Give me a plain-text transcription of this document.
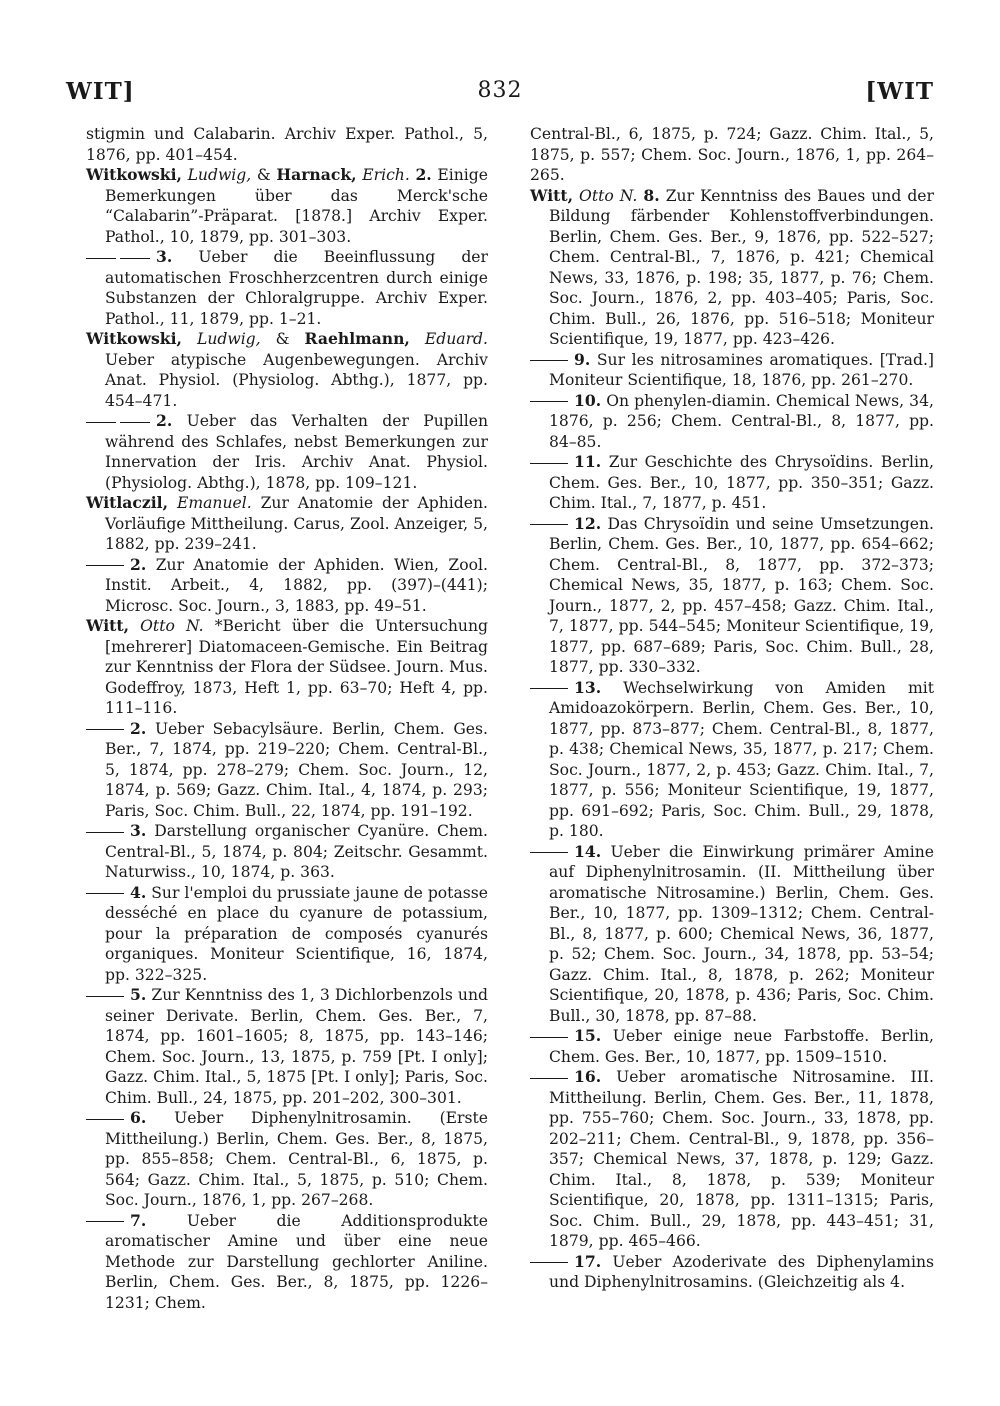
WIT]	832	[WIT
stigmin und Calabarin. Archiv Exper. Pathol., 5, 1876, pp. 401–454.
Witkowski, Ludwig, & Harnack, Erich. 2. Einige Bemerkungen über das Merck'sche “Calabarin”-Präparat. [1878.] Archiv Exper. Pathol., 10, 1879, pp. 301–303.
3. Ueber die Beeinflussung der automatischen Froschherzcentren durch einige Substanzen der Chloralgruppe. Archiv Exper. Pathol., 11, 1879, pp. 1–21.
Witkowski, Ludwig, & Raehlmann, Eduard. Ueber atypische Augenbewegungen. Archiv Anat. Physiol. (Physiolog. Abthg.), 1877, pp. 454–471.
2. Ueber das Verhalten der Pupillen während des Schlafes, nebst Bemerkungen zur Innervation der Iris. Archiv Anat. Physiol. (Physiolog. Abthg.), 1878, pp. 109–121.
Witlaczil, Emanuel. Zur Anatomie der Aphiden. Vorläufige Mittheilung. Carus, Zool. Anzeiger, 5, 1882, pp. 239–241.
2. Zur Anatomie der Aphiden. Wien, Zool. Instit. Arbeit., 4, 1882, pp. (397)–(441); Microsc. Soc. Journ., 3, 1883, pp. 49–51.
Witt, Otto N. *Bericht über die Untersuchung [mehrerer] Diatomaceen-Gemische. Ein Beitrag zur Kenntniss der Flora der Südsee. Journ. Mus. Godeffroy, 1873, Heft 1, pp. 63–70; Heft 4, pp. 111–116.
2. Ueber Sebacylsäure. Berlin, Chem. Ges. Ber., 7, 1874, pp. 219–220; Chem. Central-Bl., 5, 1874, pp. 278–279; Chem. Soc. Journ., 12, 1874, p. 569; Gazz. Chim. Ital., 4, 1874, p. 293; Paris, Soc. Chim. Bull., 22, 1874, pp. 191–192.
3. Darstellung organischer Cyanüre. Chem. Central-Bl., 5, 1874, p. 804; Zeitschr. Gesammt. Naturwiss., 10, 1874, p. 363.
4. Sur l'emploi du prussiate jaune de potasse desséché en place du cyanure de potassium, pour la préparation de composés cyanurés organiques. Moniteur Scientifique, 16, 1874, pp. 322–325.
5. Zur Kenntniss des 1, 3 Dichlorbenzols und seiner Derivate. Berlin, Chem. Ges. Ber., 7, 1874, pp. 1601–1605; 8, 1875, pp. 143–146; Chem. Soc. Journ., 13, 1875, p. 759 [Pt. I only]; Gazz. Chim. Ital., 5, 1875 [Pt. I only]; Paris, Soc. Chim. Bull., 24, 1875, pp. 201–202, 300–301.
6. Ueber Diphenylnitrosamin. (Erste Mittheilung.) Berlin, Chem. Ges. Ber., 8, 1875, pp. 855–858; Chem. Central-Bl., 6, 1875, p. 564; Gazz. Chim. Ital., 5, 1875, p. 510; Chem. Soc. Journ., 1876, 1, pp. 267–268.
7.	Ueber die Additionsprodukte aromatischer Amine und über eine neue Methode zur Darstellung gechlorter Aniline. Berlin, Chem. Ges. Ber., 8, 1875, pp. 1226–1231; Chem.
Central-Bl., 6, 1875, p. 724; Gazz. Chim. Ital., 5, 1875, p. 557; Chem. Soc. Journ., 1876, 1, pp. 264–265.
Witt, Otto N. 8. Zur Kenntniss des Baues und der Bildung färbender Kohlenstoffverbindungen. Berlin, Chem. Ges. Ber., 9, 1876, pp. 522–527; Chem. Central-Bl., 7, 1876, p. 421; Chemical News, 33, 1876, p. 198; 35, 1877, p. 76; Chem. Soc. Journ., 1876, 2, pp. 403–405; Paris, Soc. Chim. Bull., 26, 1876, pp. 516–518; Moniteur Scientifique, 19, 1877, pp. 423–426.
9. Sur les nitrosamines aromatiques. [Trad.] Moniteur Scientifique, 18, 1876, pp. 261–270.
10. On phenylen-diamin. Chemical News, 34, 1876, p. 256; Chem. Central-Bl., 8, 1877, pp. 84–85.
11. Zur Geschichte des Chrysoïdins. Berlin, Chem. Ges. Ber., 10, 1877, pp. 350–351; Gazz. Chim. Ital., 7, 1877, p. 451.
12. Das Chrysoïdin und seine Umsetzungen. Berlin, Chem. Ges. Ber., 10, 1877, pp. 654–662; Chem. Central-Bl., 8, 1877, pp. 372–373; Chemical News, 35, 1877, p. 163; Chem. Soc. Journ., 1877, 2, pp. 457–458; Gazz. Chim. Ital., 7, 1877, pp. 544–545; Moniteur Scientifique, 19, 1877, pp. 687–689; Paris, Soc. Chim. Bull., 28, 1877, pp. 330–332.
13. Wechselwirkung von Amiden mit Amidoazokörpern. Berlin, Chem. Ges. Ber., 10, 1877, pp. 873–877; Chem. Central-Bl., 8, 1877, p. 438; Chemical News, 35, 1877, p. 217; Chem. Soc. Journ., 1877, 2, p. 453; Gazz. Chim. Ital., 7, 1877, p. 556; Moniteur Scientifique, 19, 1877, pp. 691–692; Paris, Soc. Chim. Bull., 29, 1878, p. 180.
14. Ueber die Einwirkung primärer Amine auf Diphenylnitrosamin. (II. Mittheilung über aromatische Nitrosamine.) Berlin, Chem. Ges. Ber., 10, 1877, pp. 1309–1312; Chem. Central-Bl., 8, 1877, p. 600; Chemical News, 36, 1877, p. 52; Chem. Soc. Journ., 34, 1878, pp. 53–54; Gazz. Chim. Ital., 8, 1878, p. 262; Moniteur Scientifique, 20, 1878, p. 436; Paris, Soc. Chim. Bull., 30, 1878, pp. 87–88.
15. Ueber einige neue Farbstoffe. Berlin, Chem. Ges. Ber., 10, 1877, pp. 1509–1510.
16. Ueber aromatische Nitrosamine. III. Mittheilung. Berlin, Chem. Ges. Ber., 11, 1878, pp. 755–760; Chem. Soc. Journ., 33, 1878, pp. 202–211; Chem. Central-Bl., 9, 1878, pp. 356–357; Chemical News, 37, 1878, p. 129; Gazz. Chim. Ital., 8, 1878, p. 539; Moniteur Scientifique, 20, 1878, pp. 1311–1315; Paris, Soc. Chim. Bull., 29, 1878, pp. 443–451; 31, 1879, pp. 465–466.
17. Ueber Azoderivate des Diphenylamins und Diphenylnitrosamins. (Gleichzeitig als 4.
